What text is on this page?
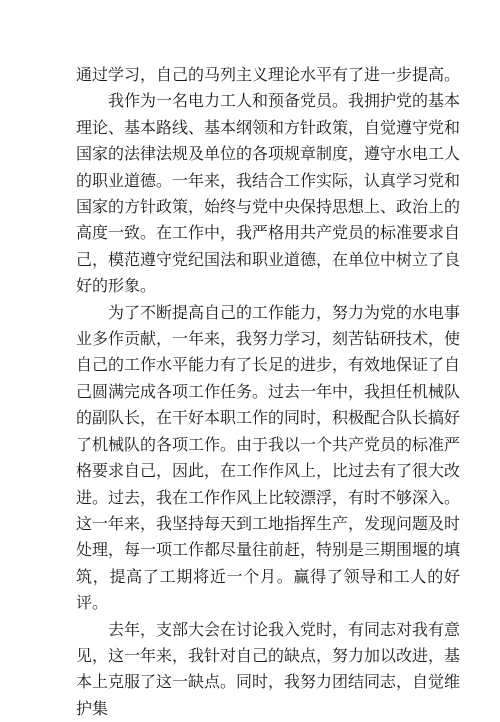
通过学习，自己的马列主义理论水平有了进一步提高。

我作为一名电力工人和预备党员。我拥护党的基本理论、基本路线、基本纲领和方针政策，自觉遵守党和国家的法律法规及单位的各项规章制度，遵守水电工人的职业道德。一年来，我结合工作实际，认真学习党和国家的方针政策，始终与党中央保持思想上、政治上的高度一致。在工作中，我严格用共产党员的标准要求自己，模范遵守党纪国法和职业道德，在单位中树立了良好的形象。

为了不断提高自己的工作能力，努力为党的水电事业多作贡献，一年来，我努力学习，刻苦钻研技术，使自己的工作水平能力有了长足的进步，有效地保证了自己圆满完成各项工作任务。过去一年中，我担任机械队的副队长，在干好本职工作的同时，积极配合队长搞好了机械队的各项工作。由于我以一个共产党员的标准严格要求自己，因此，在工作作风上，比过去有了很大改进。过去，我在工作作风上比较漂浮，有时不够深入。这一年来，我坚持每天到工地指挥生产，发现问题及时处理，每一项工作都尽量往前赶，特别是三期围堰的填筑，提高了工期将近一个月。赢得了领导和工人的好评。

去年，支部大会在讨论我入党时，有同志对我有意见，这一年来，我针对自己的缺点，努力加以改进，基本上克服了这一缺点。同时，我努力团结同志，自觉维护集
